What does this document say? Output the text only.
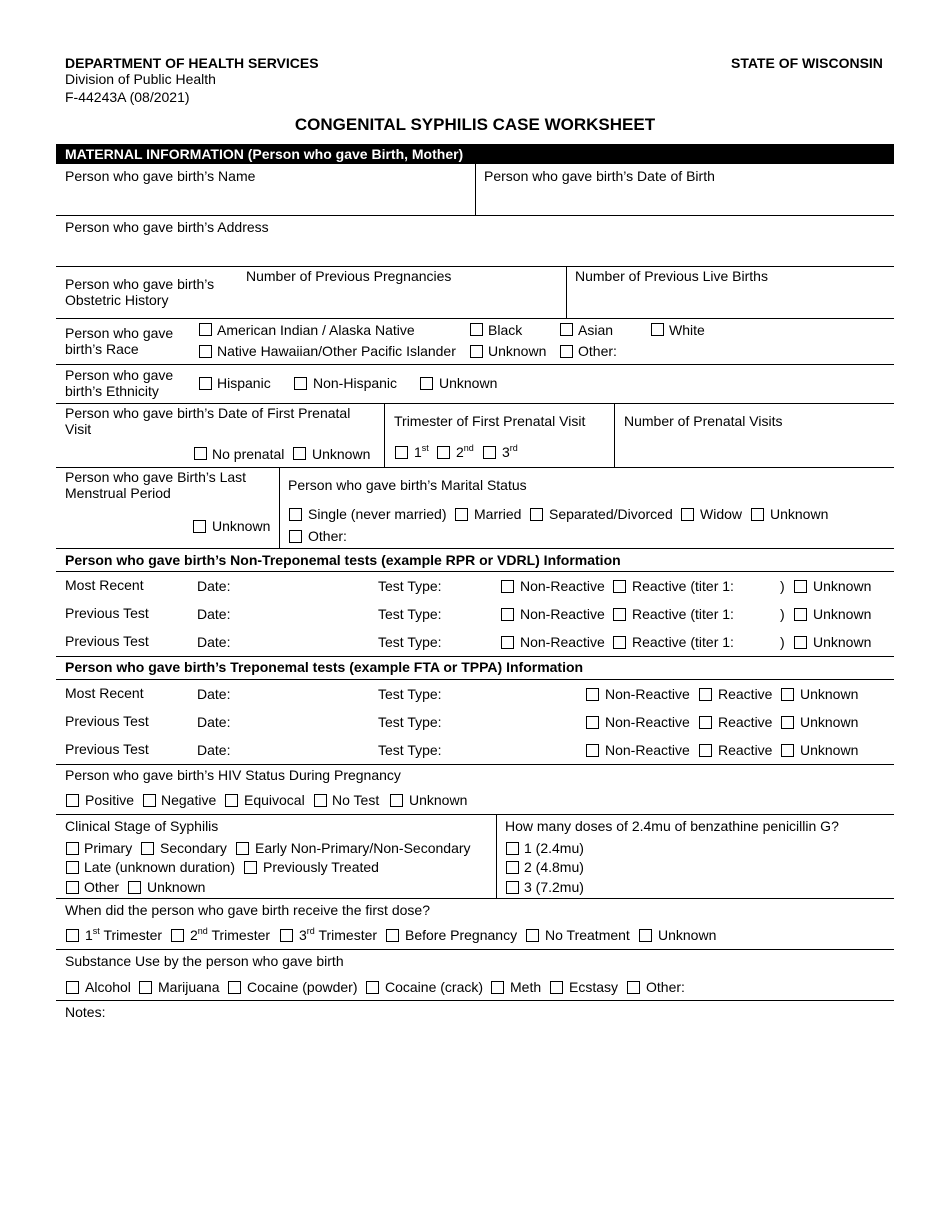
DEPARTMENT OF HEALTH SERVICES
Division of Public Health
F-44243A (08/2021)
STATE OF WISCONSIN
CONGENITAL SYPHILIS CASE WORKSHEET
MATERNAL INFORMATION (Person who gave Birth, Mother)
Person who gave birth’s Name	Person who gave birth’s Date of Birth
Person who gave birth’s Address
Person who gave birth’s
Obstetric History
Number of Previous Pregnancies	Number of Previous Live Births
Person who gave
birth’s Race
American Indian / Alaska Native	Black	Asian	White
Native Hawaiian/Other Pacific Islander Unknown Other:
Person who gave
birth’s Ethnicity	Hispanic	Non-Hispanic	Unknown
Person who gave birth’s Date of First Prenatal
Visit
No prenatal Unknown
Trimester of First Prenatal Visit
1st 2nd 3rd
Number of Prenatal Visits
Person who gave Birth’s Last
Menstrual Period
Unknown
Person who gave birth’s Marital Status
Single (never married) Married Separated/Divorced Widow Unknown
Other:
Person who gave birth’s Non-Treponemal tests (example RPR or VDRL) Information
Most Recent	Date:	Test Type:	Non-Reactive Reactive (titer 1:	) Unknown
Previous Test	Date:	Test Type:	Non-Reactive Reactive (titer 1:	) Unknown
Previous Test	Date:	Test Type:	Non-Reactive Reactive (titer 1:	) Unknown
Person who gave birth’s Treponemal tests (example FTA or TPPA) Information
Most Recent	Date:	Test Type:	Non-Reactive Reactive Unknown
Previous Test	Date:	Test Type:	Non-Reactive Reactive Unknown
Previous Test	Date:	Test Type:	Non-Reactive Reactive Unknown
Person who gave birth’s HIV Status During Pregnancy
Positive Negative Equivocal No Test Unknown
Clinical Stage of Syphilis
Primary Secondary Early Non-Primary/Non-Secondary
Late (unknown duration) Previously Treated
Other Unknown
How many doses of 2.4mu of benzathine penicillin G?
1 (2.4mu)
2 (4.8mu)
3 (7.2mu)
When did the person who gave birth receive the first dose?
1st Trimester 2nd Trimester 3rd Trimester Before Pregnancy No Treatment Unknown
Substance Use by the person who gave birth
Alcohol Marijuana Cocaine (powder) Cocaine (crack) Meth Ecstasy Other:
Notes:
